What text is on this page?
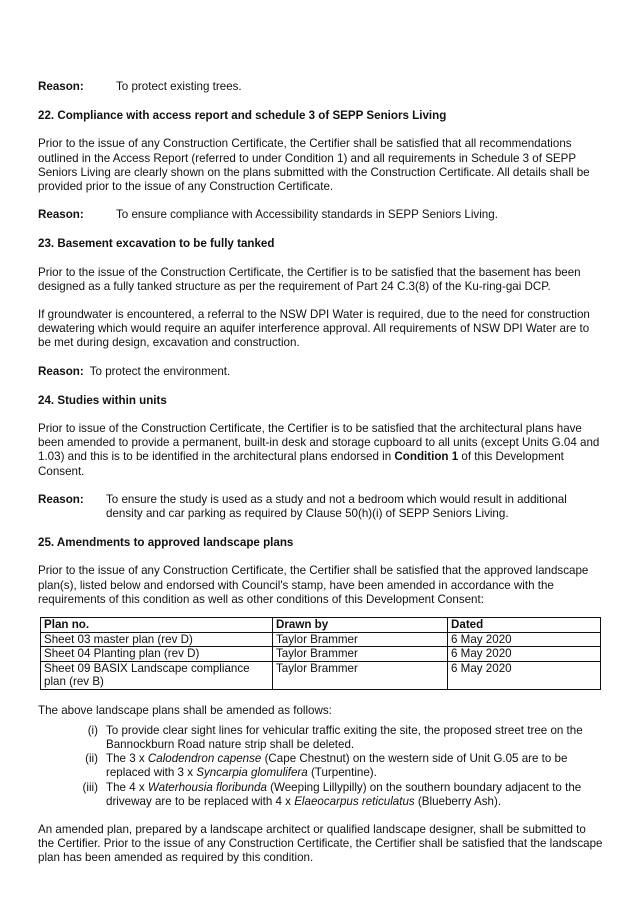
Reason:	To protect existing trees.
22. Compliance with access report and schedule 3 of SEPP Seniors Living

Prior to the issue of any Construction Certificate, the Certifier shall be satisfied that all recommendations outlined in the Access Report (referred to under Condition 1) and all requirements in Schedule 3 of SEPP Seniors Living are clearly shown on the plans submitted with the Construction Certificate. All details shall be provided prior to the issue of any Construction Certificate.

Reason:	To ensure compliance with Accessibility standards in SEPP Seniors Living.
23. Basement excavation to be fully tanked

Prior to the issue of the Construction Certificate, the Certifier is to be satisfied that the basement has been designed as a fully tanked structure as per the requirement of Part 24 C.3(8) of the Ku-ring-gai DCP.

If groundwater is encountered, a referral to the NSW DPI Water is required, due to the need for construction dewatering which would require an aquifer interference approval. All requirements of NSW DPI Water are to be met during design, excavation and construction.

Reason: To protect the environment.
24. Studies within units

Prior to issue of the Construction Certificate, the Certifier is to be satisfied that the architectural plans have been amended to provide a permanent, built-in desk and storage cupboard to all units (except Units G.04 and 1.03) and this is to be identified in the architectural plans endorsed in Condition 1 of this Development Consent.

Reason:	To ensure the study is used as a study and not a bedroom which would result in additional density and car parking as required by Clause 50(h)(i) of SEPP Seniors Living.
25. Amendments to approved landscape plans

Prior to the issue of any Construction Certificate, the Certifier shall be satisfied that the approved landscape plan(s), listed below and endorsed with Council's stamp, have been amended in accordance with the requirements of this condition as well as other conditions of this Development Consent:

Plan no.	Drawn by	Dated
Sheet 03 master plan (rev D)	Taylor Brammer	6 May 2020
Sheet 04 Planting plan (rev D)	Taylor Brammer	6 May 2020
Sheet 09 BASIX Landscape compliance plan (rev B)	Taylor Brammer	6 May 2020

The above landscape plans shall be amended as follows:

(i) To provide clear sight lines for vehicular traffic exiting the site, the proposed street tree on the Bannockburn Road nature strip shall be deleted.
(ii) The 3 x Calodendron capense (Cape Chestnut) on the western side of Unit G.05 are to be replaced with 3 x Syncarpia glomulifera (Turpentine).
(iii) The 4 x Waterhousia floribunda (Weeping Lillypilly) on the southern boundary adjacent to the driveway are to be replaced with 4 x Elaeocarpus reticulatus (Blueberry Ash).

An amended plan, prepared by a landscape architect or qualified landscape designer, shall be submitted to the Certifier. Prior to the issue of any Construction Certificate, the Certifier shall be satisfied that the landscape plan has been amended as required by this condition.
